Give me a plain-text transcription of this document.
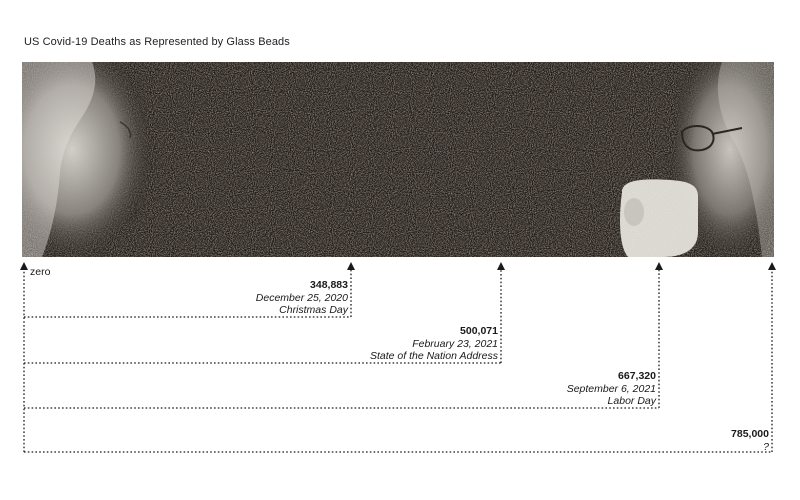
US Covid-19 Deaths as Represented by Glass Beads
zero
348,883
December 25, 2020
Christmas Day
500,071
February 23, 2021
State of the Nation Address
667,320
September 6, 2021
Labor Day
785,000
?
